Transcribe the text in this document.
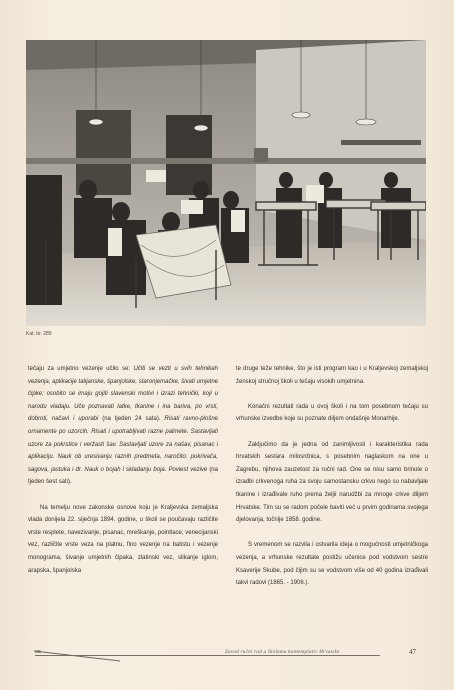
Kat. br. 289

tečaju za umjetno vezenje učilo se: Učiti se vezti u svih tehnikah vezenja, aplikacije talijanske, španjolske, staronjemačke, šivati umjetne čipke; osobito se imaju gojiti slavenski motivi i izrazi tehnički, koji u narodu vladaju. Uče poznavati latke, tkanine i ina bariva, po vrsti, dobroti, načavi i uporabi (na tjeden 24 sata). Risati ravno-plošne ornamente po uzorcih. Risati i upotrabljivati razne palmete. Sastavljati uzore za pokrstice i veržasti šav. Sastavljati uzore za našav, pisanac i aplikaciju. Nauk ob uresivanju raznih predmeta, naročito: pokrivača, sagova, jastuka i dr. Nauk o bojah i skladanju boja. Poviest vezive (na tjeden šest sati).

Na temelju nove zakonske osnove koju je Kraljevska zemaljska vlada donijela 22. siječnja 1894. godine, u školi se poučavaju različite vrste resplete, navezivanje, pisanac, mreškanje, pointlace, venecijanski vez, različite vrste veza na platnu, fino vezenje na batistu i vezenje monograma, šivanje umjetnih čipaka, zlatinski vez, slikanje iglom, arapska, španjolska

te druge teže tehnike, što je isti program kao i u Kraljevskoj zemaljskoj ženskoj stručnoj školi u tečaju visokih umjetnina.

Konačni rezultati rada u ovoj školi i na tom posebnom tečaju su vrhunske izvedbe koje su poznate diljem ondašnje Monarhije.

Zaključimo da je jedna od zanimljivosti i karakteristika rada hrvatskih sestara milosrdnica, s posebnim naglaskom na one u Zagrebu, njihova zauzetost za ručni rad. One se nisu samo brinule o izradbi crkvenoga ruha za svoju samostansku crkvu nego su nabavljale tkanine i izrađivale ruho prema željii narudžbi za mnoge crkve diljem Hrvatske. Tim su se radom počele baviti već u prvim godinama svojega djelovanja, točnije 1858. godine.

S vremenom se razvila i ostvarila ideja o mogućnosti umjetničkoga vezenja, a vrhunske rezultate postižu učenice pod vodstvom sestre Ksaverije Skube, pod čijim su se vodstvom više od 40 godina izrađivali takvi radovi (1865. - 1906.).

Zavod ručni rad u školama kontemplativ Hrvatske	47
